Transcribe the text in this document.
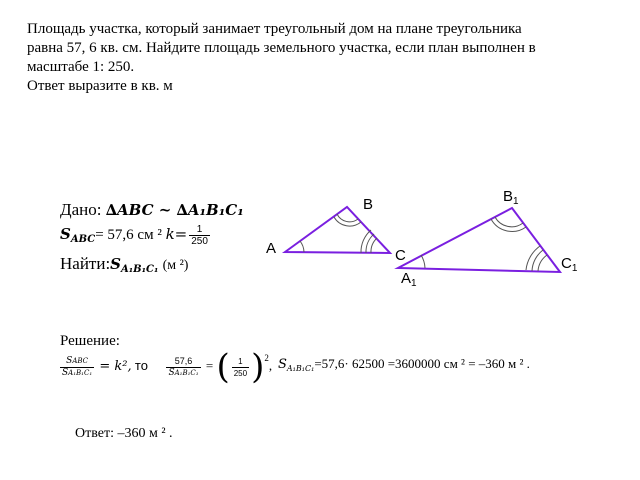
Площадь участка, который занимает треугольный дом на плане треугольника
равна 57, 6 кв. см. Найдите площадь земельного участка, если план выполнен в
масштабе 1: 250.
Ответ выразите в кв. м
Дано: ∆ABC ~ ∆A₁B₁C₁
$S_{ABC}= 57,6$ см ² $k= \frac{1}{250}$
$Найти:S_{A_1B_1C_1}$ (м ²)
B
A	C
$B_1$
$C_1$
$A_1$
Решение:
$\frac{\text{SABC}}{\text{SA₁B₁C₁}} = k^2$, то $\frac{57,6}{\text{SA₁B₁C₁}}$ = ( $\frac{1}{250} )^2$, $S_{A_1B_1C_1}=57,6\cdot 62500 =3600000$ см ² = ‒360 м ² .
Ответ: ‒360 м ² .
